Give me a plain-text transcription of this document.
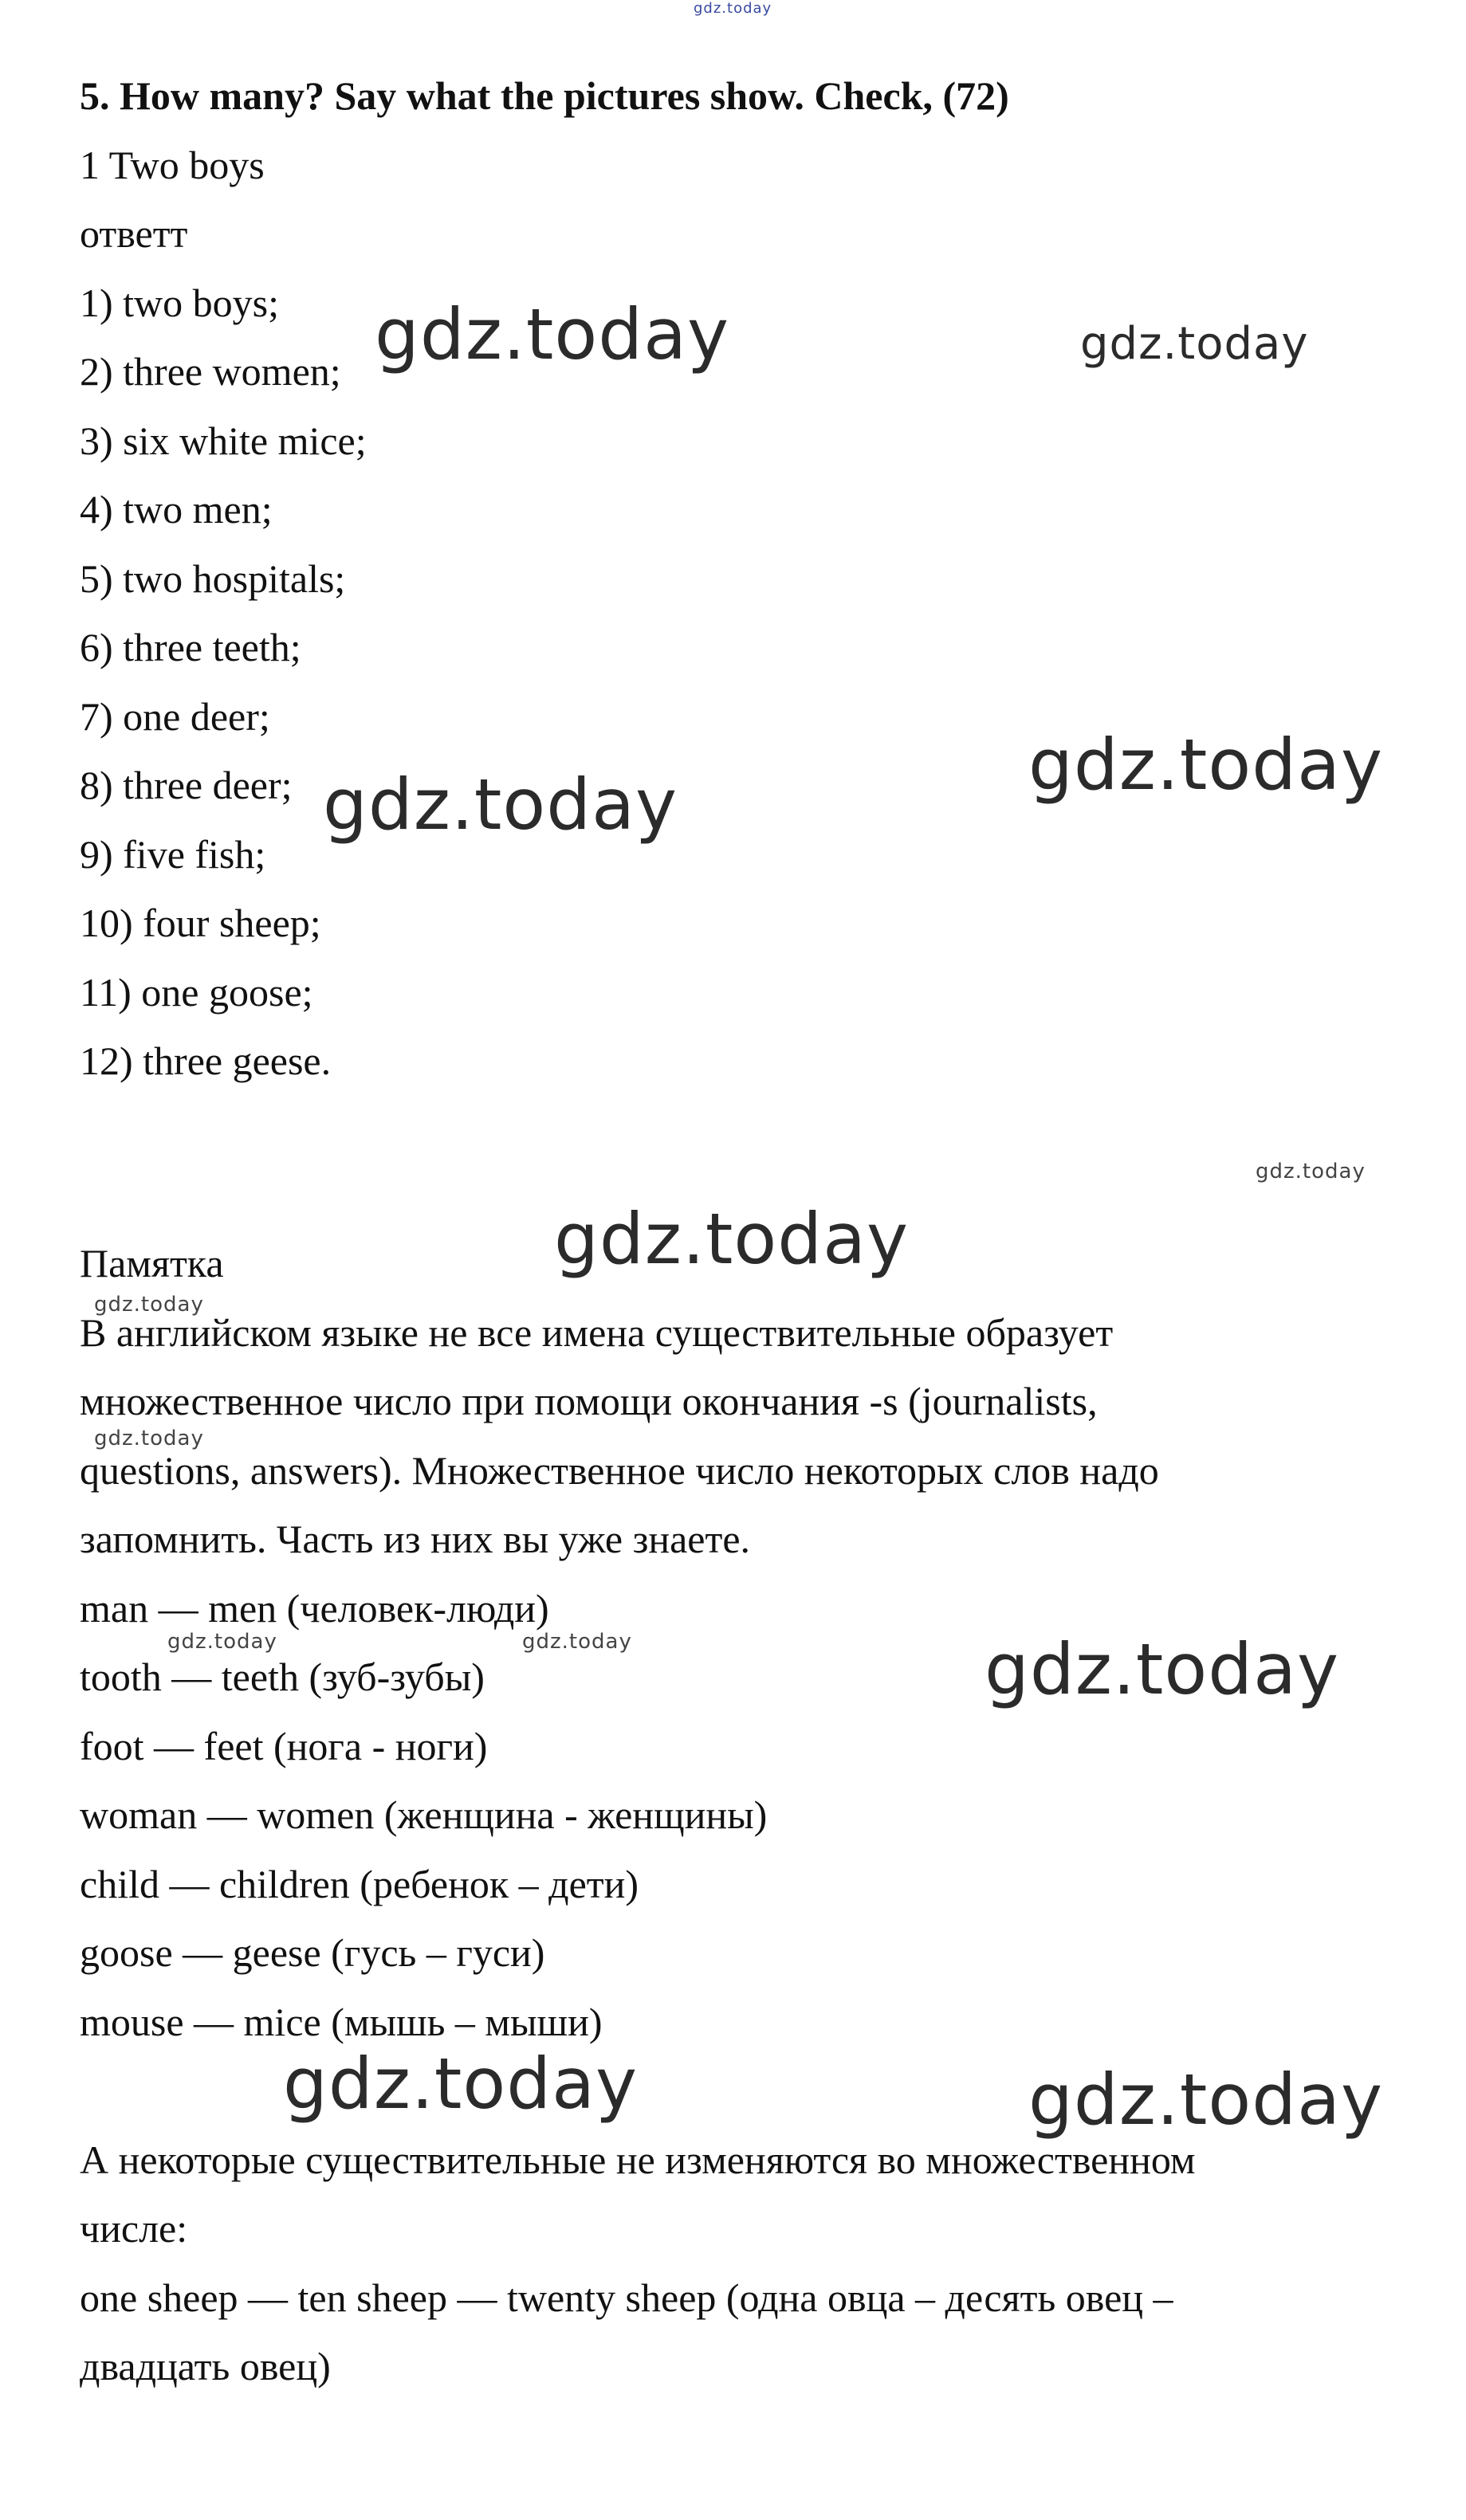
gdz.today
5. How many? Say what the pictures show. Check, (72)
1 Two boys
ответт
1) two boys;
2) three women;
3) six white mice;
4) two men;
5) two hospitals;
6) three teeth;
7) one deer;
8) three deer;
9) five fish;
10) four sheep;
11) one goose;
12) three geese.
Памятка
В английском языке не все имена существительные образует
множественное число при помощи окончания -s (journalists,
questions, answers). Множественное число некоторых слов надо
запомнить. Часть из них вы уже знаете.
man — men (человек-люди)
tooth — teeth (зуб-зубы)
foot — feet (нога - ноги)
woman — women (женщина - женщины)
child — children (ребенок – дети)
goose — geese (гусь – гуси)
mouse — mice (мышь – мыши)
А некоторые существительные не изменяются во множественном
числе:
one sheep — ten sheep — twenty sheep (одна овца – десять овец –
двадцать овец)
gdz.today	gdz.today
gdz.today
gdz.today
gdz.today
gdz.today
gdz.today
gdz.today
gdz.today	gdz.today	gdz.today
gdz.today	gdz.today
